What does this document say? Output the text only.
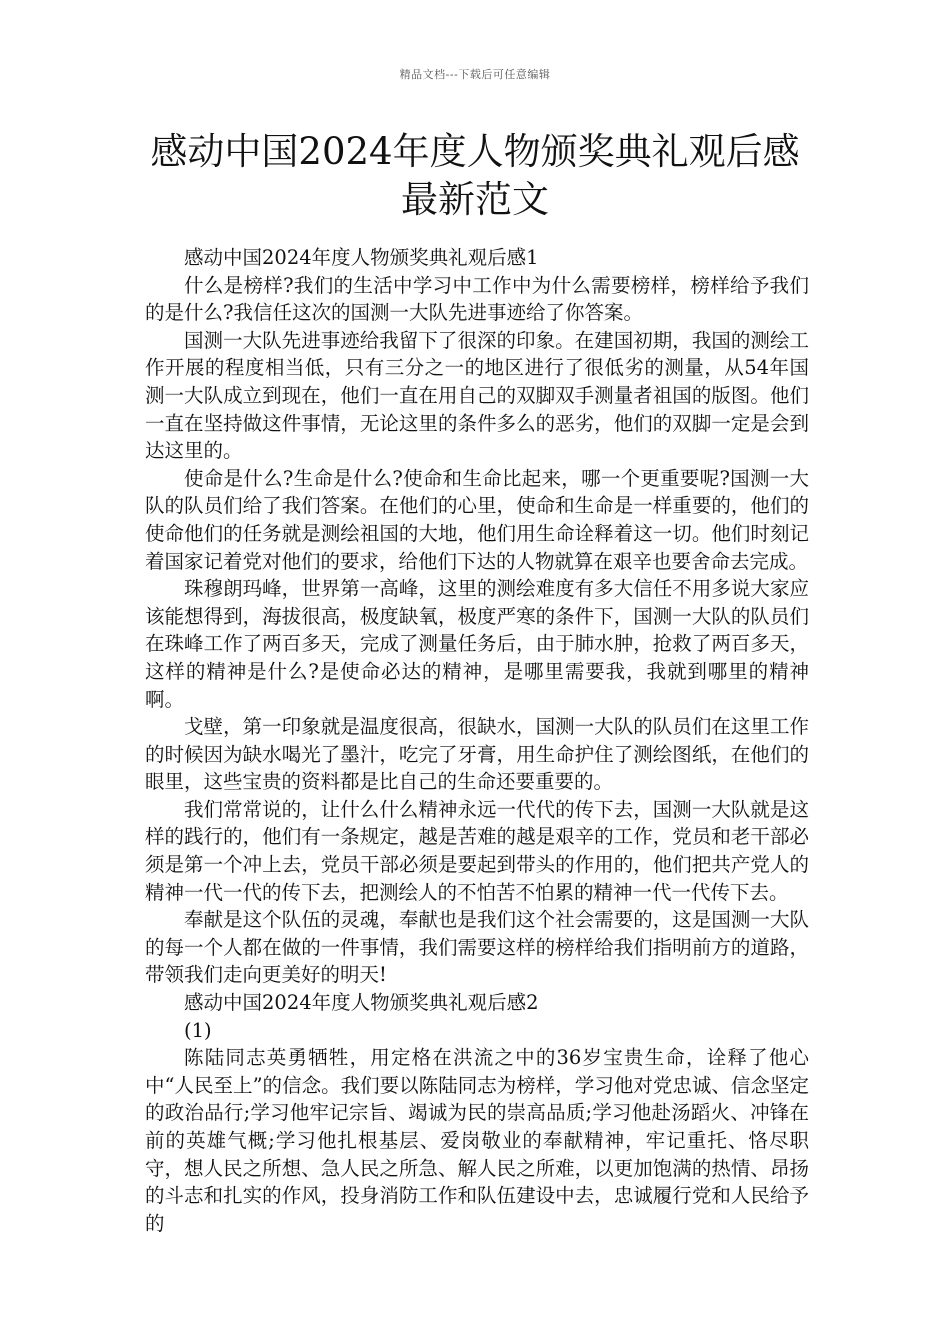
精品文档---下载后可任意编辑
感动中国2024年度人物颁奖典礼观后感最新范文

感动中国2024年度人物颁奖典礼观后感1

什么是榜样?我们的生活中学习中工作中为什么需要榜样，榜样给予我们的是什么?我信任这次的国测一大队先进事迹给了你答案。

国测一大队先进事迹给我留下了很深的印象。在建国初期，我国的测绘工作开展的程度相当低，只有三分之一的地区进行了很低劣的测量，从54年国测一大队成立到现在，他们一直在用自己的双脚双手测量者祖国的版图。他们一直在坚持做这件事情，无论这里的条件多么的恶劣，他们的双脚一定是会到达这里的。

使命是什么?生命是什么?使命和生命比起来，哪一个更重要呢?国测一大队的队员们给了我们答案。在他们的心里，使命和生命是一样重要的，他们的使命他们的任务就是测绘祖国的大地，他们用生命诠释着这一切。他们时刻记着国家记着党对他们的要求，给他们下达的人物就算在艰辛也要舍命去完成。

珠穆朗玛峰，世界第一高峰，这里的测绘难度有多大信任不用多说大家应该能想得到，海拔很高，极度缺氧，极度严寒的条件下，国测一大队的队员们在珠峰工作了两百多天，完成了测量任务后，由于肺水肿，抢救了两百多天，这样的精神是什么?是使命必达的精神，是哪里需要我，我就到哪里的精神啊。

戈壁，第一印象就是温度很高，很缺水，国测一大队的队员们在这里工作的时候因为缺水喝光了墨汁，吃完了牙膏，用生命护住了测绘图纸，在他们的眼里，这些宝贵的资料都是比自己的生命还要重要的。

我们常常说的，让什么什么精神永远一代代的传下去，国测一大队就是这样的践行的，他们有一条规定，越是苦难的越是艰辛的工作，党员和老干部必须是第一个冲上去，党员干部必须是要起到带头的作用的，他们把共产党人的精神一代一代的传下去，把测绘人的不怕苦不怕累的精神一代一代传下去。

奉献是这个队伍的灵魂，奉献也是我们这个社会需要的，这是国测一大队的每一个人都在做的一件事情，我们需要这样的榜样给我们指明前方的道路，带领我们走向更美好的明天!

感动中国2024年度人物颁奖典礼观后感2

(1)

陈陆同志英勇牺牲，用定格在洪流之中的36岁宝贵生命，诠释了他心中“人民至上”的信念。我们要以陈陆同志为榜样，学习他对党忠诚、信念坚定的政治品行;学习他牢记宗旨、竭诚为民的崇高品质;学习他赴汤蹈火、冲锋在前的英雄气概;学习他扎根基层、爱岗敬业的奉献精神，牢记重托、恪尽职守，想人民之所想、急人民之所急、解人民之所难，以更加饱满的热情、昂扬的斗志和扎实的作风，投身消防工作和队伍建设中去，忠诚履行党和人民给予的
